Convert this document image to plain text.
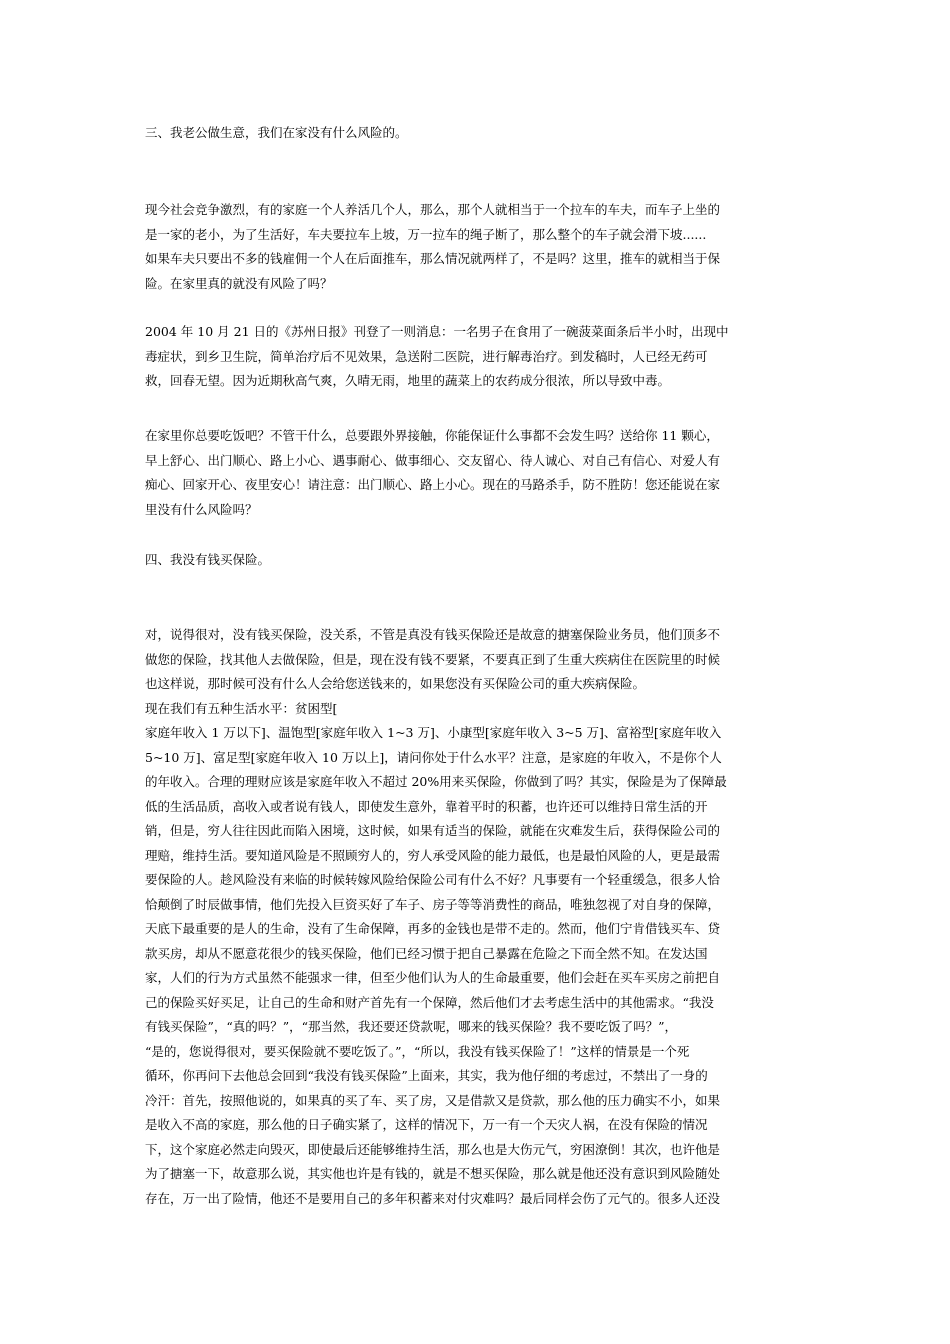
三、我老公做生意，我们在家没有什么风险的。

现今社会竞争激烈，有的家庭一个人养活几个人，那么，那个人就相当于一个拉车的车夫，而车子上坐的
是一家的老小，为了生活好，车夫要拉车上坡，万一拉车的绳子断了，那么整个的车子就会滑下坡......
如果车夫只要出不多的钱雇佣一个人在后面推车，那么情况就两样了，不是吗？这里，推车的就相当于保
险。在家里真的就没有风险了吗？

2004 年 10 月 21 日的《苏州日报》刊登了一则消息：一名男子在食用了一碗菠菜面条后半小时，出现中
毒症状，到乡卫生院，简单治疗后不见效果，急送附二医院，进行解毒治疗。到发稿时，人已经无药可
救，回春无望。因为近期秋高气爽，久晴无雨，地里的蔬菜上的农药成分很浓，所以导致中毒。

在家里你总要吃饭吧？不管干什么，总要跟外界接触，你能保证什么事都不会发生吗？送给你 11 颗心，
早上舒心、出门顺心、路上小心、遇事耐心、做事细心、交友留心、待人诚心、对自己有信心、对爱人有
痴心、回家开心、夜里安心！请注意：出门顺心、路上小心。现在的马路杀手，防不胜防！您还能说在家
里没有什么风险吗？

四、我没有钱买保险。

对，说得很对，没有钱买保险，没关系，不管是真没有钱买保险还是故意的搪塞保险业务员，他们顶多不
做您的保险，找其他人去做保险，但是，现在没有钱不要紧，不要真正到了生重大疾病住在医院里的时候
也这样说，那时候可没有什么人会给您送钱来的，如果您没有买保险公司的重大疾病保险。
现在我们有五种生活水平：贫困型[
家庭年收入 1 万以下]、温饱型[家庭年收入 1~3 万]、小康型[家庭年收入 3~5 万]、富裕型[家庭年收入
5~10 万]、富足型[家庭年收入 10 万以上]，请问你处于什么水平？注意，是家庭的年收入，不是你个人
的年收入。合理的理财应该是家庭年收入不超过 20%用来买保险，你做到了吗？其实，保险是为了保障最
低的生活品质，高收入或者说有钱人，即使发生意外，靠着平时的积蓄，也许还可以维持日常生活的开
销，但是，穷人往往因此而陷入困境，这时候，如果有适当的保险，就能在灾难发生后，获得保险公司的
理赔，维持生活。要知道风险是不照顾穷人的，穷人承受风险的能力最低，也是最怕风险的人，更是最需
要保险的人。趁风险没有来临的时候转嫁风险给保险公司有什么不好？凡事要有一个轻重缓急，很多人恰
恰颠倒了时辰做事情，他们先投入巨资买好了车子、房子等等消费性的商品，唯独忽视了对自身的保障，
天底下最重要的是人的生命，没有了生命保障，再多的金钱也是带不走的。然而，他们宁肯借钱买车、贷
款买房，却从不愿意花很少的钱买保险，他们已经习惯于把自己暴露在危险之下而全然不知。在发达国
家，人们的行为方式虽然不能强求一律，但至少他们认为人的生命最重要，他们会赶在买车买房之前把自
己的保险买好买足，让自己的生命和财产首先有一个保障，然后他们才去考虑生活中的其他需求。“我没
有钱买保险”，“真的吗？”，“那当然，我还要还贷款呢，哪来的钱买保险？我不要吃饭了吗？”，
“是的，您说得很对，要买保险就不要吃饭了。”，“所以，我没有钱买保险了！”这样的情景是一个死
循环，你再问下去他总会回到“我没有钱买保险”上面来，其实，我为他仔细的考虑过，不禁出了一身的
冷汗：首先，按照他说的，如果真的买了车、买了房，又是借款又是贷款，那么他的压力确实不小，如果
是收入不高的家庭，那么他的日子确实紧了，这样的情况下，万一有一个天灾人祸，在没有保险的情况
下，这个家庭必然走向毁灭，即使最后还能够维持生活，那么也是大伤元气，穷困潦倒！其次，也许他是
为了搪塞一下，故意那么说，其实他也许是有钱的，就是不想买保险，那么就是他还没有意识到风险随处
存在，万一出了险情，他还不是要用自己的多年积蓄来对付灾难吗？最后同样会伤了元气的。很多人还没
